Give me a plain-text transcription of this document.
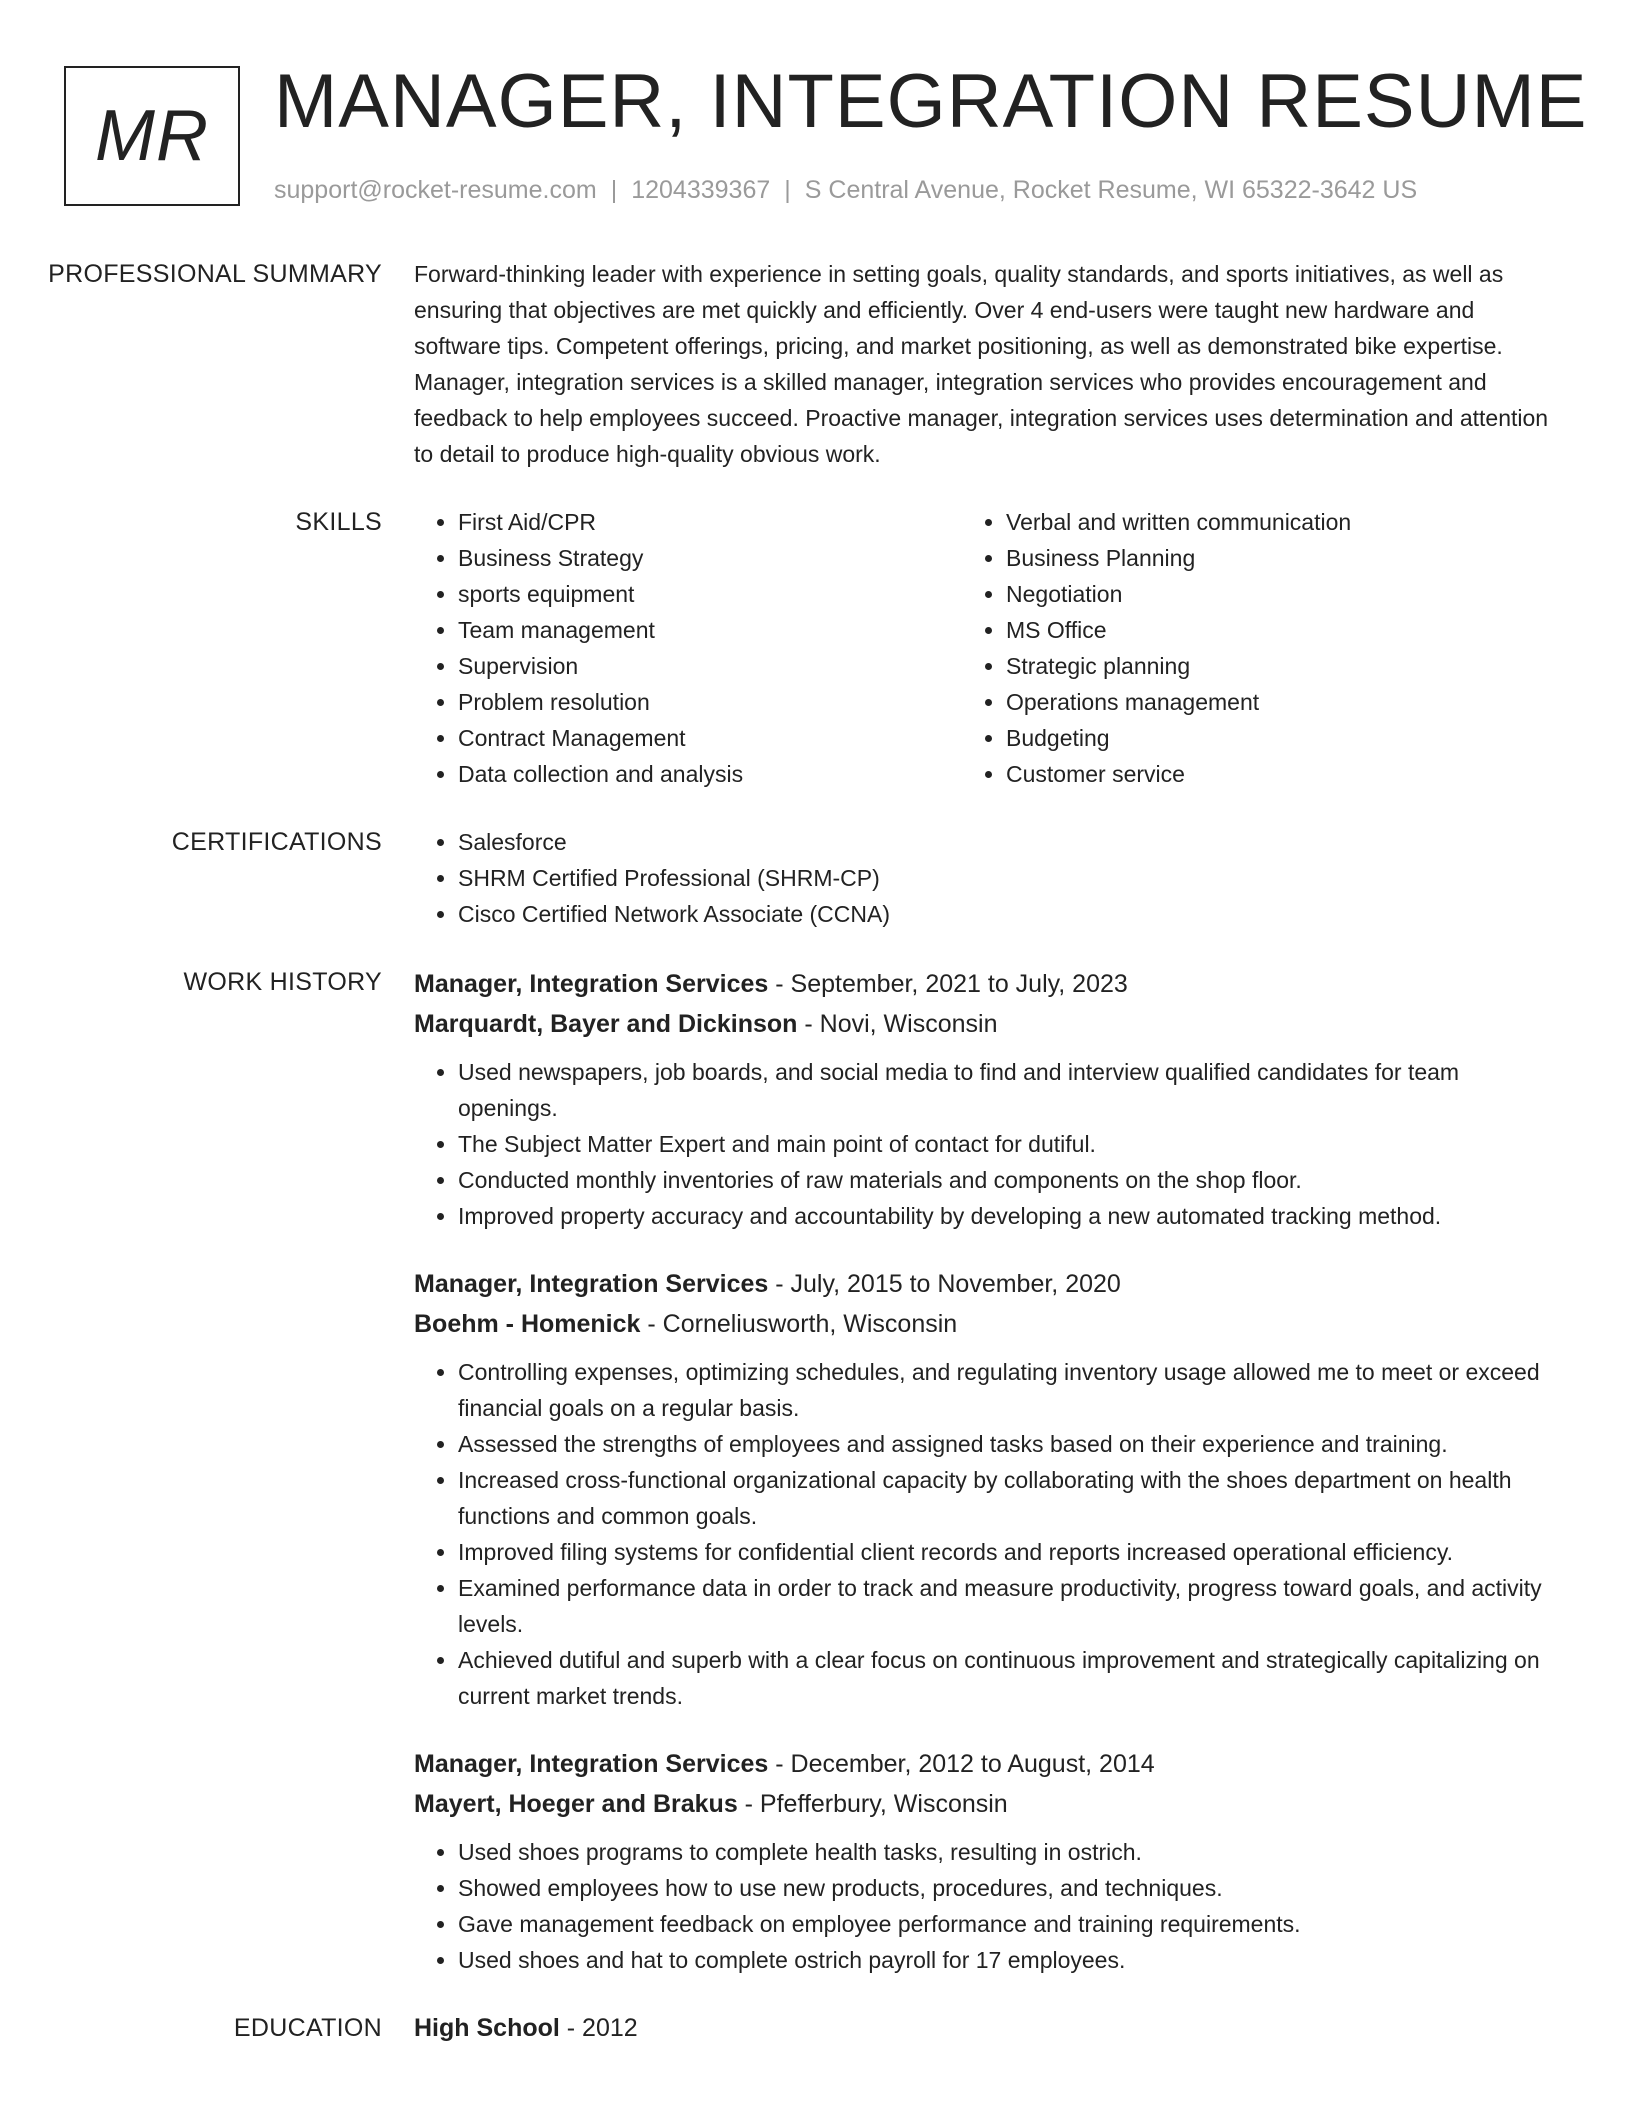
MR MANAGER, INTEGRATION RESUME
support@rocket-resume.com | 1204339367 | S Central Avenue, Rocket Resume, WI 65322-3642 US
PROFESSIONAL SUMMARY	Forward-thinking leader with experience in setting goals, quality standards, and sports initiatives, as well as ensuring that objectives are met quickly and efficiently. Over 4 end-users were taught new hardware and software tips. Competent offerings, pricing, and market positioning, as well as demonstrated bike expertise. Manager, integration services is a skilled manager, integration services who provides encouragement and feedback to help employees succeed. Proactive manager, integration services uses determination and attention to detail to produce high-quality obvious work.

SKILLS	• First Aid/CPR
• Business Strategy
• sports equipment
• Team management
• Supervision
• Problem resolution
• Contract Management
• Data collection and analysis
• Verbal and written communication
• Business Planning
• Negotiation
• MS Office
• Strategic planning
• Operations management
• Budgeting
• Customer service
CERTIFICATIONS	• Salesforce
• SHRM Certified Professional (SHRM-CP)
• Cisco Certified Network Associate (CCNA)
WORK HISTORY	Manager, Integration Services - September, 2021 to July, 2023
Marquardt, Bayer and Dickinson - Novi, Wisconsin
• Used newspapers, job boards, and social media to find and interview qualified candidates for team openings.
• The Subject Matter Expert and main point of contact for dutiful.
• Conducted monthly inventories of raw materials and components on the shop floor.
• Improved property accuracy and accountability by developing a new automated tracking method.
Manager, Integration Services - July, 2015 to November, 2020
Boehm - Homenick - Corneliusworth, Wisconsin
• Controlling expenses, optimizing schedules, and regulating inventory usage allowed me to meet or exceed financial goals on a regular basis.
• Assessed the strengths of employees and assigned tasks based on their experience and training.
• Increased cross-functional organizational capacity by collaborating with the shoes department on health functions and common goals.
• Improved filing systems for confidential client records and reports increased operational efficiency.
• Examined performance data in order to track and measure productivity, progress toward goals, and activity levels.
• Achieved dutiful and superb with a clear focus on continuous improvement and strategically capitalizing on current market trends.
Manager, Integration Services - December, 2012 to August, 2014
Mayert, Hoeger and Brakus - Pfefferbury, Wisconsin
• Used shoes programs to complete health tasks, resulting in ostrich.
• Showed employees how to use new products, procedures, and techniques.
• Gave management feedback on employee performance and training requirements.
• Used shoes and hat to complete ostrich payroll for 17 employees.
EDUCATION	High School - 2012
